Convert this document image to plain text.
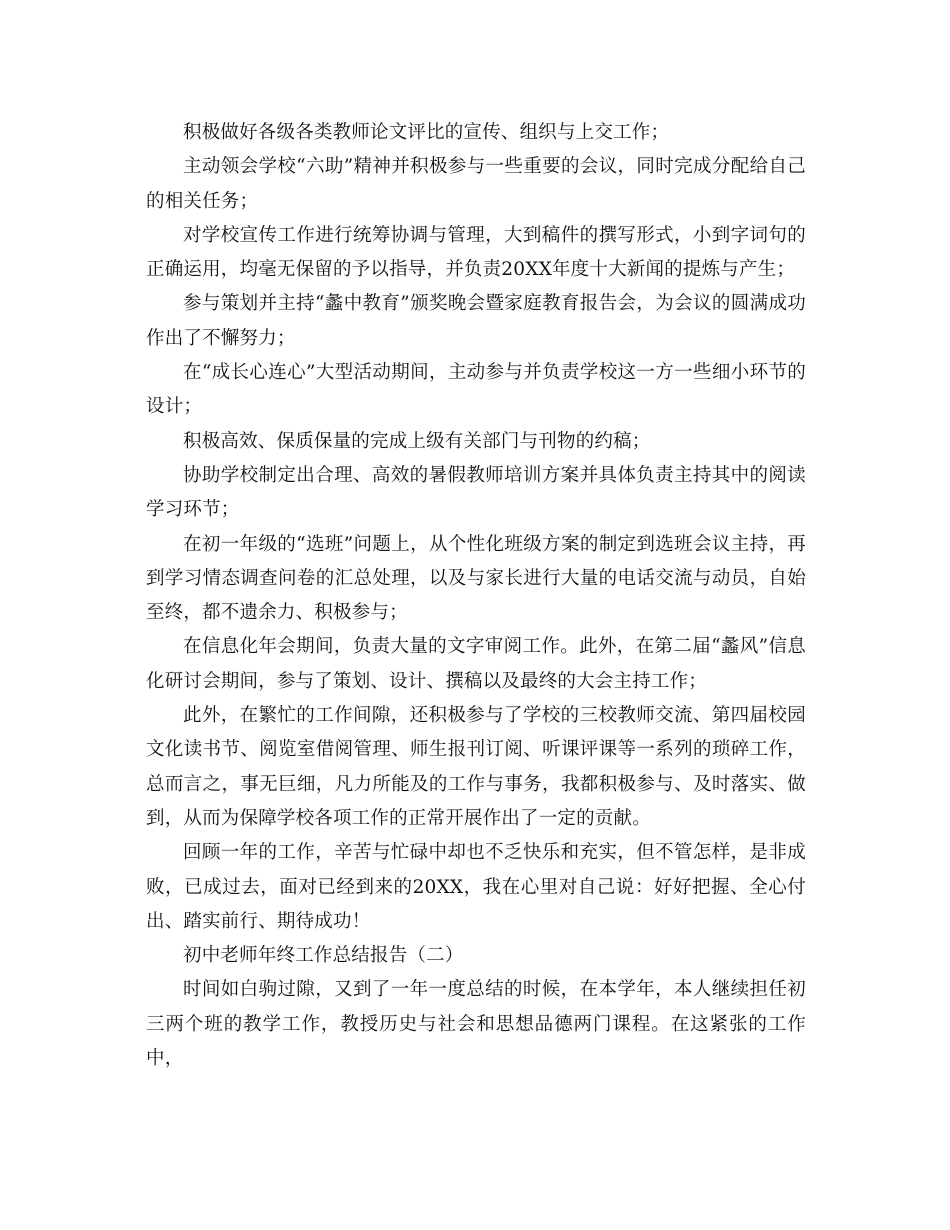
积极做好各级各类教师论文评比的宣传、组织与上交工作；

主动领会学校“六助”精神并积极参与一些重要的会议，同时完成分配给自己的相关任务；

对学校宣传工作进行统筹协调与管理，大到稿件的撰写形式，小到字词句的正确运用，均毫无保留的予以指导，并负责20XX年度十大新闻的提炼与产生；

参与策划并主持“蠡中教育”颁奖晚会暨家庭教育报告会，为会议的圆满成功作出了不懈努力；

在“成长心连心”大型活动期间，主动参与并负责学校这一方一些细小环节的设计；

积极高效、保质保量的完成上级有关部门与刊物的约稿；

协助学校制定出合理、高效的暑假教师培训方案并具体负责主持其中的阅读学习环节；

在初一年级的“选班”问题上，从个性化班级方案的制定到选班会议主持，再到学习情态调查问卷的汇总处理，以及与家长进行大量的电话交流与动员，自始至终，都不遗余力、积极参与；

在信息化年会期间，负责大量的文字审阅工作。此外，在第二届“蠡风”信息化研讨会期间，参与了策划、设计、撰稿以及最终的大会主持工作；

此外，在繁忙的工作间隙，还积极参与了学校的三校教师交流、第四届校园文化读书节、阅览室借阅管理、师生报刊订阅、听课评课等一系列的琐碎工作，总而言之，事无巨细，凡力所能及的工作与事务，我都积极参与、及时落实、做到，从而为保障学校各项工作的正常开展作出了一定的贡献。

回顾一年的工作，辛苦与忙碌中却也不乏快乐和充实，但不管怎样，是非成败，已成过去，面对已经到来的20XX，我在心里对自己说：好好把握、全心付出、踏实前行、期待成功！

初中老师年终工作总结报告（二）

时间如白驹过隙，又到了一年一度总结的时候，在本学年，本人继续担任初三两个班的教学工作，教授历史与社会和思想品德两门课程。在这紧张的工作中，
